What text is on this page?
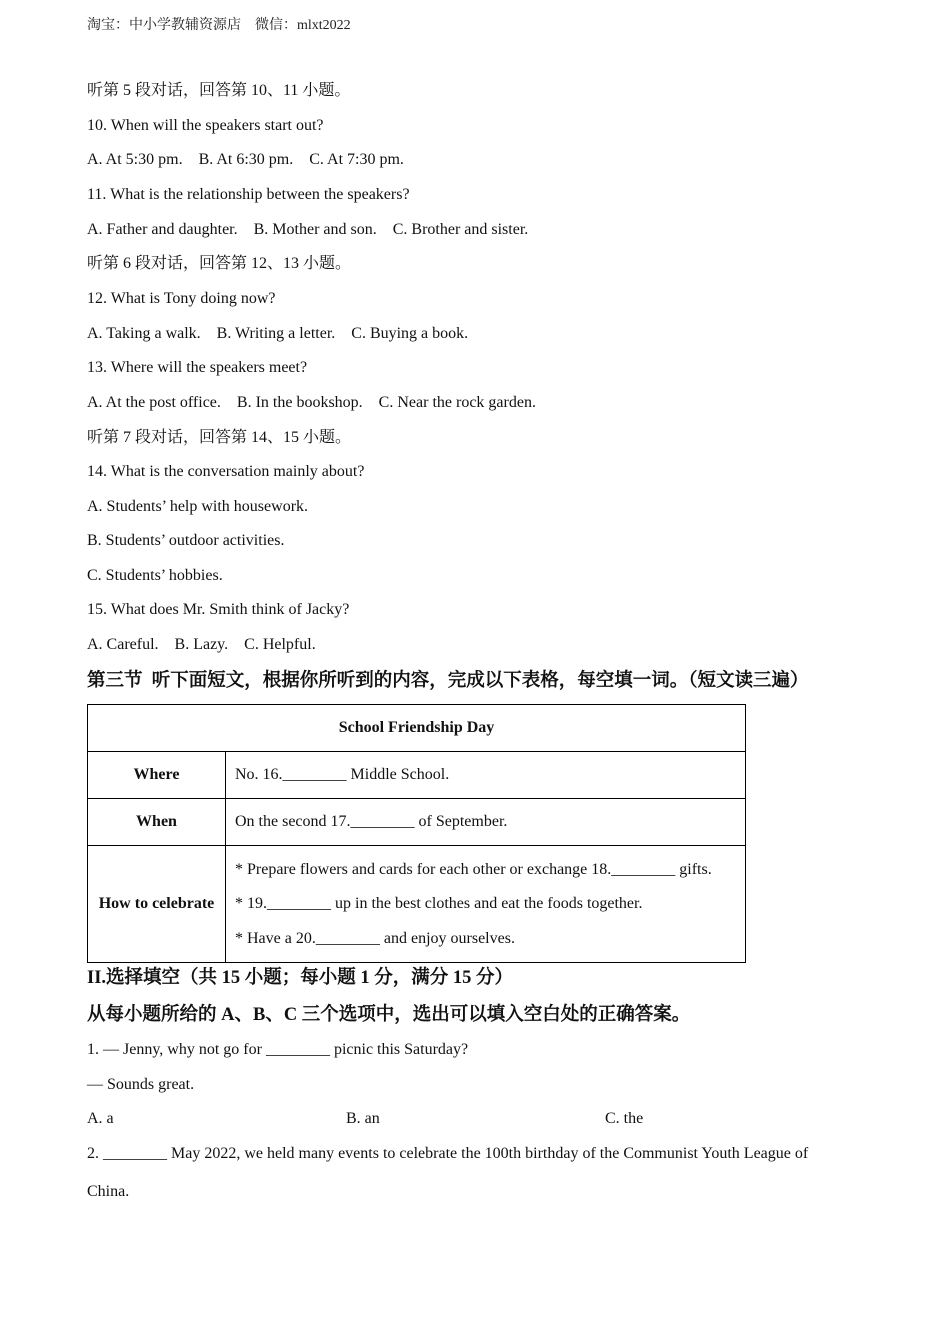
淘宝：中小学教辅资源店　微信：mlxt2022
听第 5 段对话，回答第 10、11 小题。
10. When will the speakers start out?
A. At 5:30 pm.    B. At 6:30 pm.    C. At 7:30 pm.
11. What is the relationship between the speakers?
A. Father and daughter.    B. Mother and son.    C. Brother and sister.
听第 6 段对话，回答第 12、13 小题。
12. What is Tony doing now?
A. Taking a walk.    B. Writing a letter.    C. Buying a book.
13. Where will the speakers meet?
A. At the post office.    B. In the bookshop.    C. Near the rock garden.
听第 7 段对话，回答第 14、15 小题。
14. What is the conversation mainly about?
A. Students’ help with housework.
B. Students’ outdoor activities.
C. Students’ hobbies.
15. What does Mr. Smith think of Jacky?
A. Careful.    B. Lazy.    C. Helpful.
第三节  听下面短文，根据你所听到的内容，完成以下表格，每空填一词。（短文读三遍）
School Friendship Day	
Where	No. 16.________ Middle School.
When	On the second 17.________ of September.
How to celebrate	* Prepare flowers and cards for each other or exchange 18.________ gifts.

* 19.________ up in the best clothes and eat the foods together.

* Have a 20.________ and enjoy ourselves.

II.选择填空（共 15 小题；每小题 1 分，满分 15 分）
从每小题所给的 A、B、C 三个选项中，选出可以填入空白处的正确答案。
1. — Jenny, why not go for ________ picnic this Saturday?
— Sounds great.
A. a	B. an	C. the
2. ________ May 2022, we held many events to celebrate the 100th birthday of the Communist Youth League of
China.
